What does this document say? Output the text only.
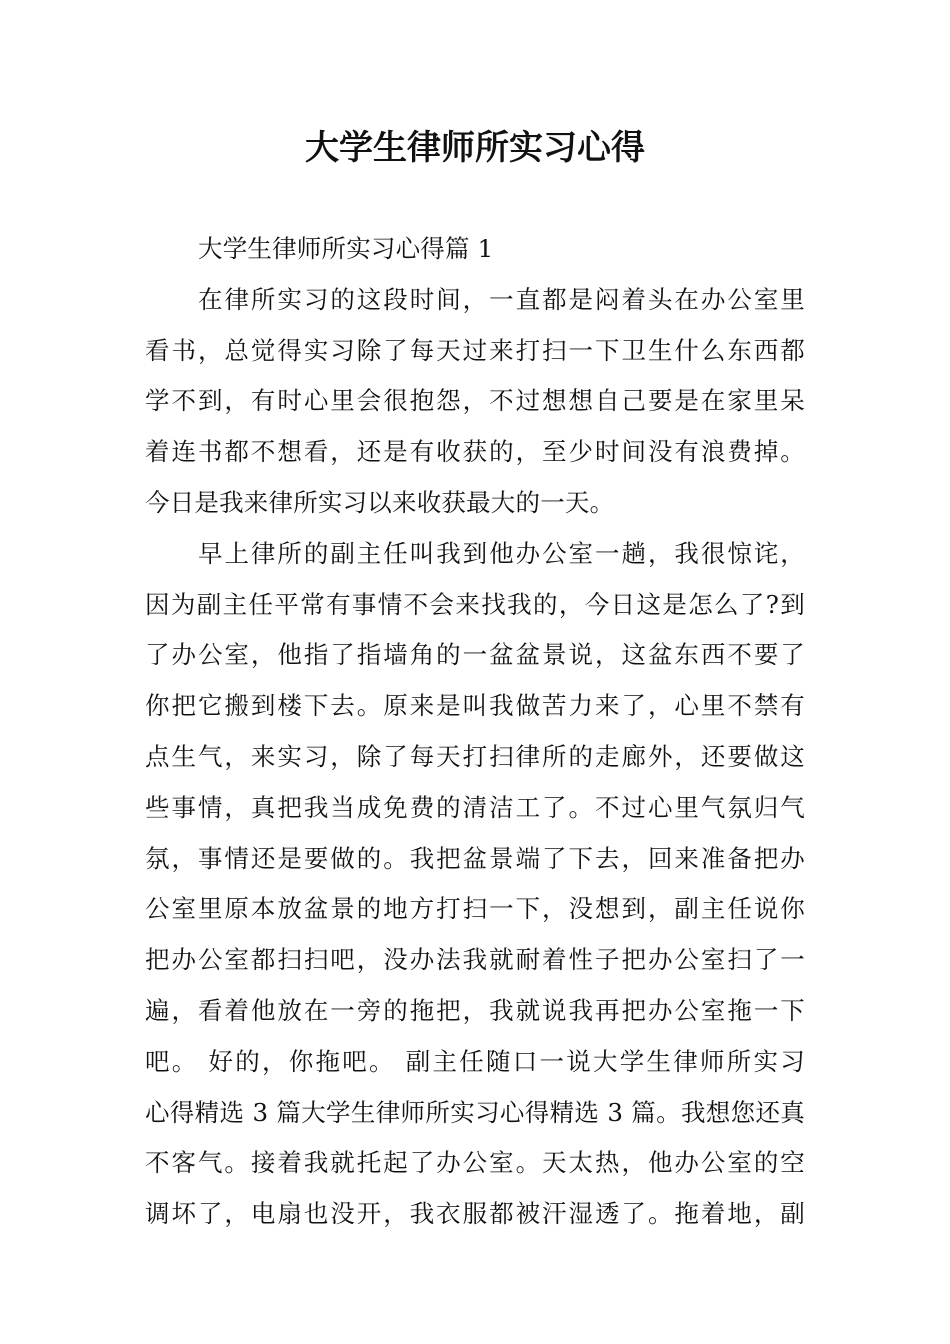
大学生律师所实习心得
大学生律师所实习心得篇 1
在律所实习的这段时间，一直都是闷着头在办公室里
看书，总觉得实习除了每天过来打扫一下卫生什么东西都
学不到，有时心里会很抱怨，不过想想自己要是在家里呆
着连书都不想看，还是有收获的，至少时间没有浪费掉。
今日是我来律所实习以来收获最大的一天。
早上律所的副主任叫我到他办公室一趟，我很惊诧，
因为副主任平常有事情不会来找我的，今日这是怎么了?到
了办公室，他指了指墙角的一盆盆景说，这盆东西不要了
你把它搬到楼下去。原来是叫我做苦力来了，心里不禁有
点生气，来实习，除了每天打扫律所的走廊外，还要做这
些事情，真把我当成免费的清洁工了。不过心里气氛归气
氛，事情还是要做的。我把盆景端了下去，回来准备把办
公室里原本放盆景的地方打扫一下，没想到，副主任说你
把办公室都扫扫吧，没办法我就耐着性子把办公室扫了一
遍，看着他放在一旁的拖把，我就说我再把办公室拖一下
吧。 好的，你拖吧。 副主任随口一说大学生律师所实习
心得精选 3 篇大学生律师所实习心得精选 3 篇。我想您还真
不客气。接着我就托起了办公室。天太热，他办公室的空
调坏了，电扇也没开，我衣服都被汗湿透了。拖着地，副
